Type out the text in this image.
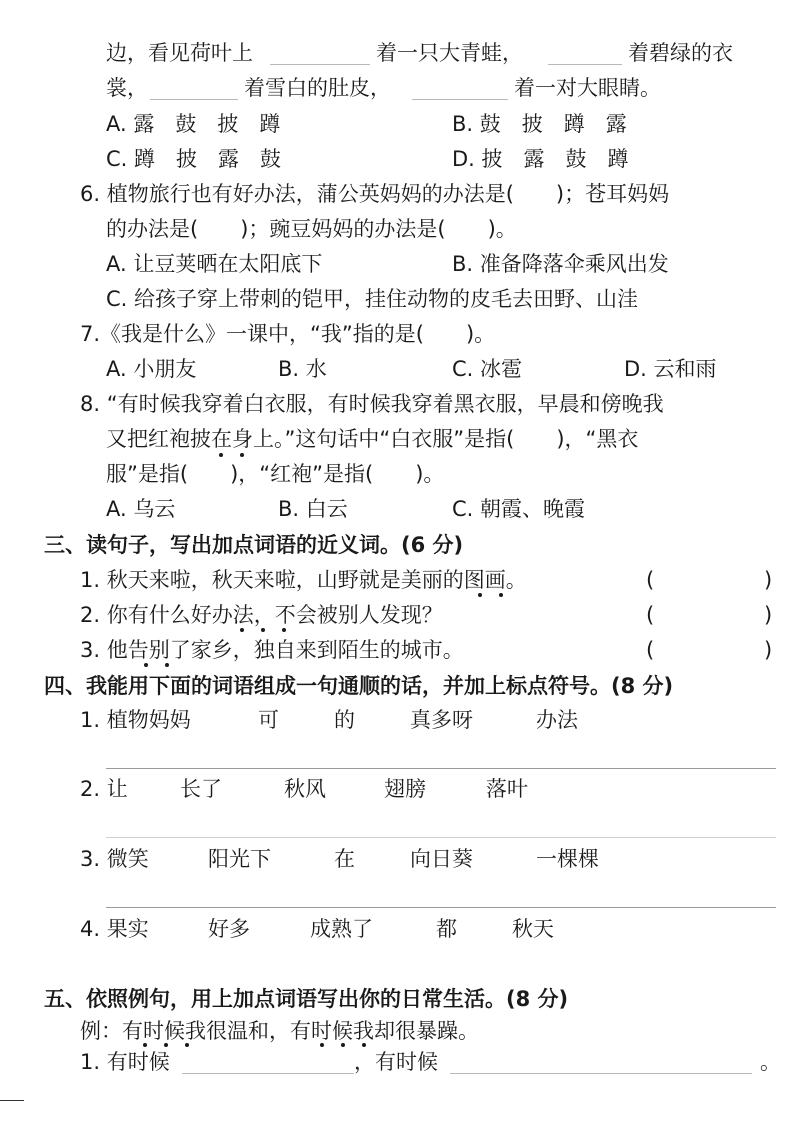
边，看见荷叶上	着一只大青蛙，	着碧绿的衣
裳，	着雪白的肚皮，	着一对大眼睛。
A. 露　鼓　披　蹲	B. 鼓　披　蹲　露
C. 蹲　披　露　鼓	D. 披　露　鼓　蹲
6. 植物旅行也有好办法，蒲公英妈妈的办法是(　　)；苍耳妈妈
的办法是(　　)；豌豆妈妈的办法是(　　)。
A. 让豆荚晒在太阳底下	B. 准备降落伞乘风出发
C. 给孩子穿上带刺的铠甲，挂住动物的皮毛去田野、山洼
7.《我是什么》一课中，“我”指的是(　　)。
A. 小朋友	B. 水	C. 冰雹	D. 云和雨
8. “有时候我穿着白衣服，有时候我穿着黑衣服，早晨和傍晚我
又把红袍披在身上。”这句话中“白衣服”是指(　　)，“黑衣
服”是指(　　)，“红袍”是指(　　)。
A. 乌云	B. 白云	C. 朝霞、晚霞
三、读句子，写出加点词语的近义词。(6 分)
1. 秋天来啦，秋天来啦，山野就是美丽的图画。	(	)
2. 你有什么好办法，不会被别人发现？	(	)
3. 他告别了家乡，独自来到陌生的城市。	(	)
四、我能用下面的词语组成一句通顺的话，并加上标点符号。(8 分)
1. 植物妈妈	可	的	真多呀	办法
2. 让 长了	秋风	翅膀	落叶
3. 微笑	阳光下	在	向日葵	一棵棵
4. 果实	好多	成熟了	都	秋天
五、依照例句，用上加点词语写出你的日常生活。(8 分)
例：有时候我很温和，有时候我却很暴躁。
1. 有时候	，有时候	。
